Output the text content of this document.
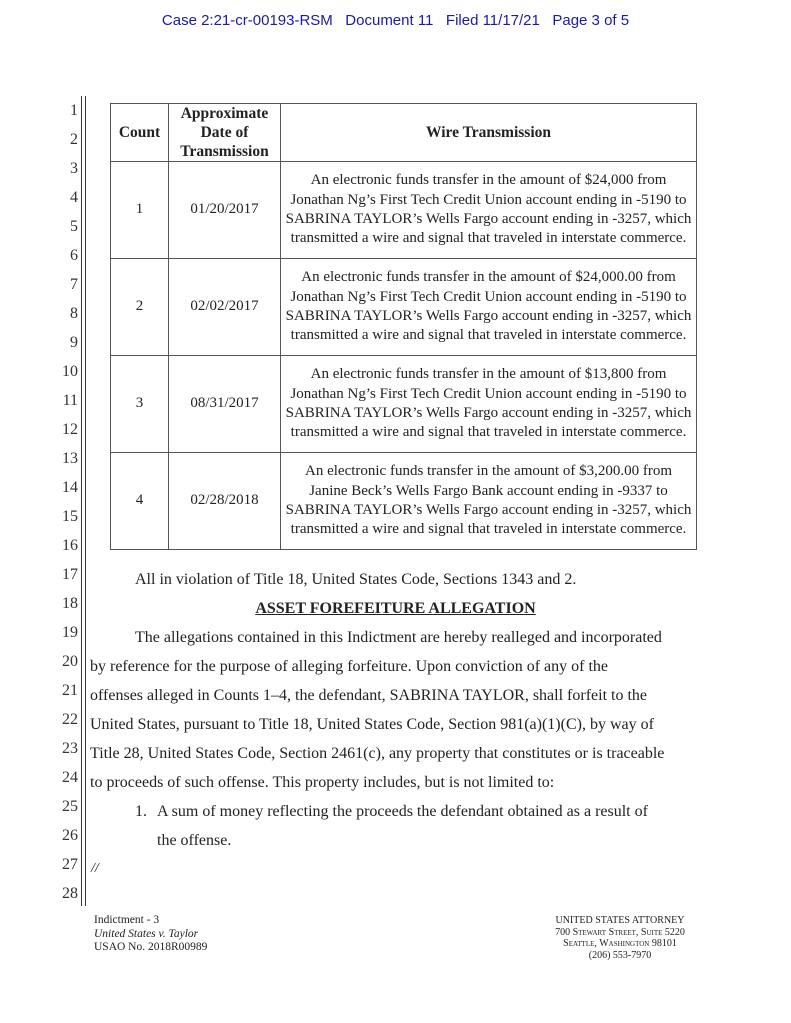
Case 2:21-cr-00193-RSM   Document 11   Filed 11/17/21   Page 3 of 5
1
2
3
4
5
6
7
8
9
10
11
12
13
14
15
16
17
18
19
20
21
22
23
24
25
26
27
28
Count	Approximate
Date of
Transmission	Wire Transmission
1	01/20/2017	An electronic funds transfer in the amount of $24,000 from Jonathan Ng’s First Tech Credit Union account ending in -5190 to SABRINA TAYLOR’s Wells Fargo account ending in -3257, which transmitted a wire and signal that traveled in interstate commerce.
2	02/02/2017	An electronic funds transfer in the amount of $24,000.00 from Jonathan Ng’s First Tech Credit Union account ending in -5190 to SABRINA TAYLOR’s Wells Fargo account ending in -3257, which transmitted a wire and signal that traveled in interstate commerce.
3	08/31/2017	An electronic funds transfer in the amount of $13,800 from Jonathan Ng’s First Tech Credit Union account ending in -5190 to SABRINA TAYLOR’s Wells Fargo account ending in -3257, which transmitted a wire and signal that traveled in interstate commerce.
4	02/28/2018	An electronic funds transfer in the amount of $3,200.00 from Janine Beck’s Wells Fargo Bank account ending in -9337 to SABRINA TAYLOR’s Wells Fargo account ending in -3257, which transmitted a wire and signal that traveled in interstate commerce.
All in violation of Title 18, United States Code, Sections 1343 and 2.
ASSET FOREFEITURE ALLEGATION
The allegations contained in this Indictment are hereby realleged and incorporated
by reference for the purpose of alleging forfeiture. Upon conviction of any of the
offenses alleged in Counts 1–4, the defendant, SABRINA TAYLOR, shall forfeit to the
United States, pursuant to Title 18, United States Code, Section 981(a)(1)(C), by way of
Title 28, United States Code, Section 2461(c), any property that constitutes or is traceable
to proceeds of such offense. This property includes, but is not limited to:
1. A sum of money reflecting the proceeds the defendant obtained as a result of
the offense.
//
Indictment - 3
United States v. Taylor
USAO No. 2018R00989
UNITED STATES ATTORNEY
700 Stewart Street, Suite 5220
Seattle, Washington 98101
(206) 553-7970
